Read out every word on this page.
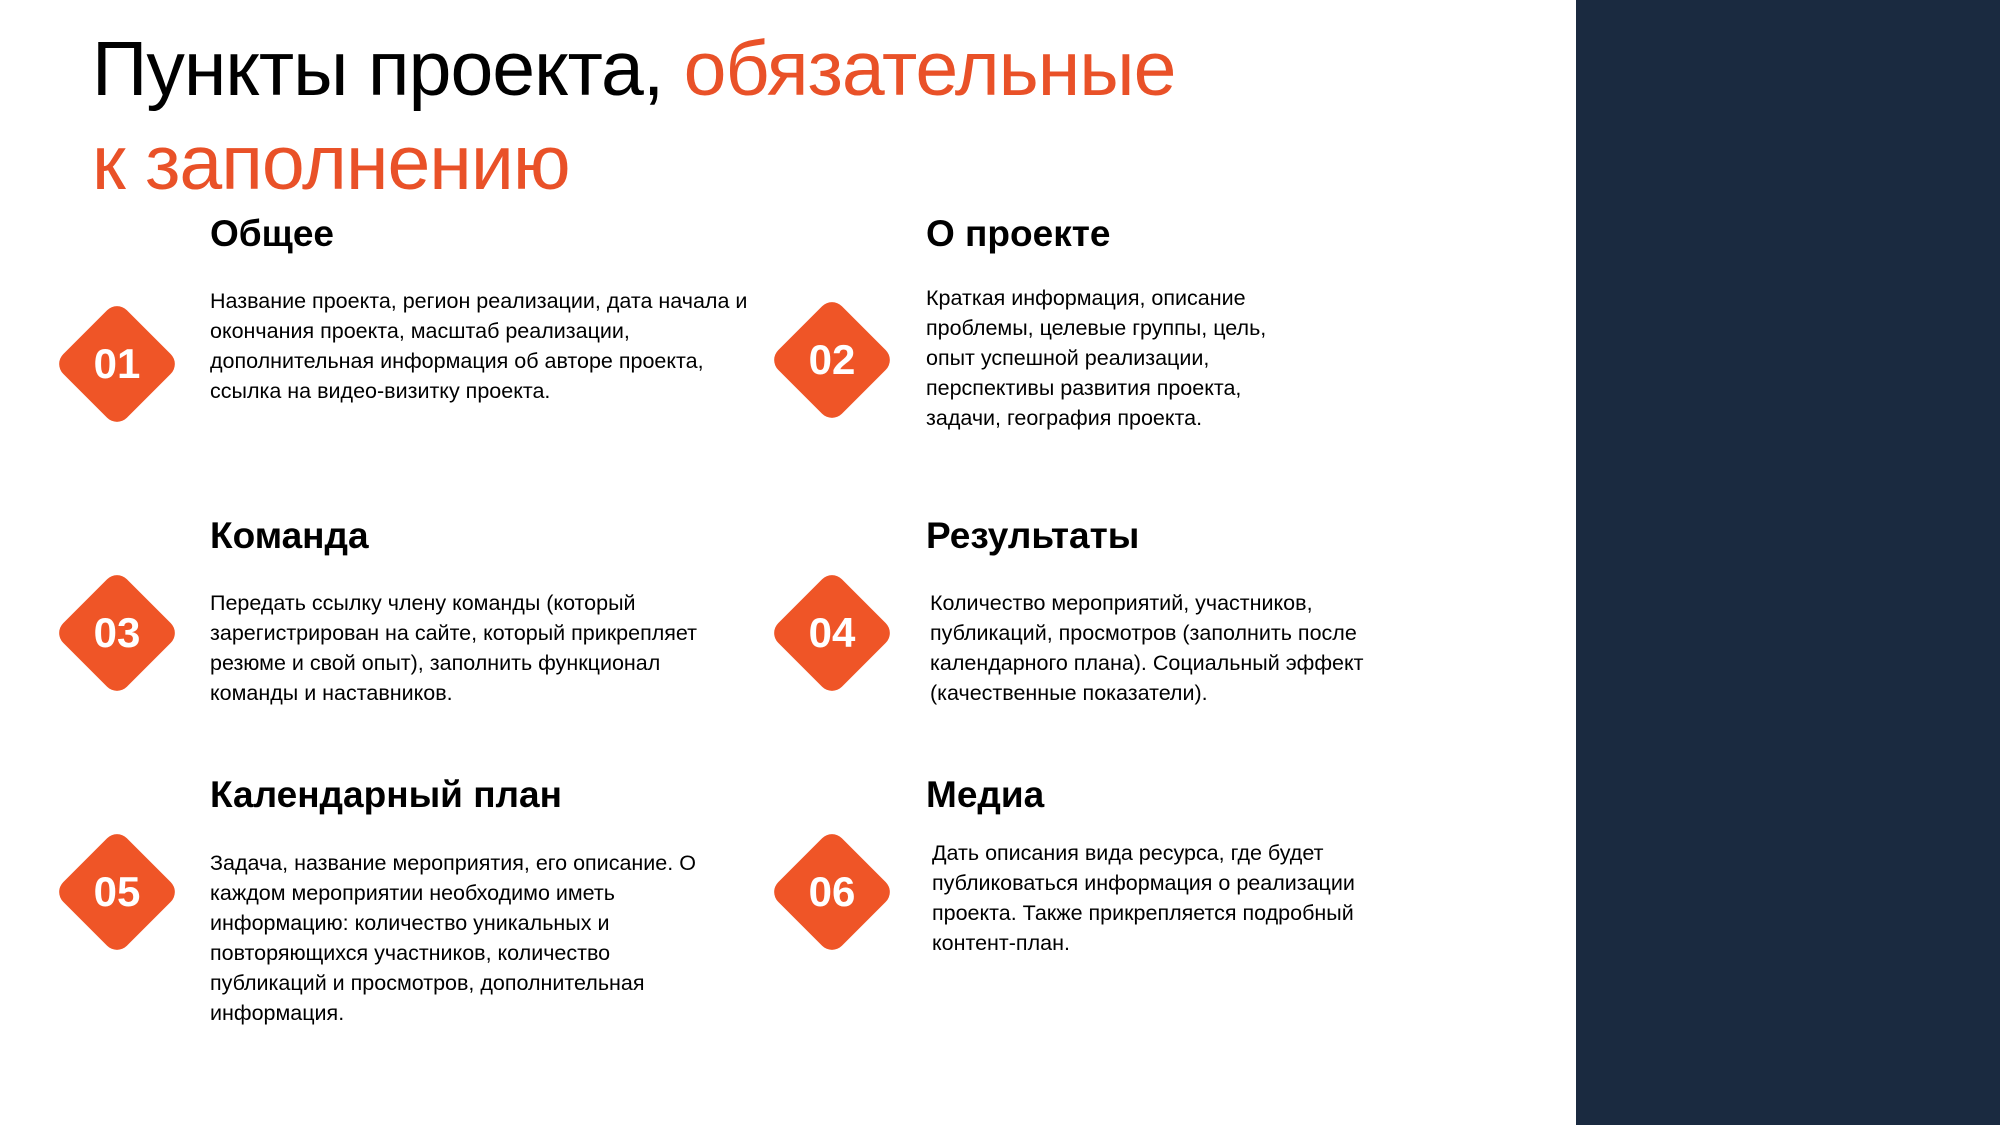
Пункты проекта, обязательные
к заполнению
01
Общее

Название проекта, регион реализации, дата начала и окончания проекта, масштаб реализации, дополнительная информация об авторе проекта, ссылка на видео-визитку проекта.

02
О проекте

Краткая информация, описание проблемы, целевые группы, цель, опыт успешной реализации, перспективы развития проекта, задачи, география проекта.

03
Команда

Передать ссылку члену команды (который зарегистрирован на сайте, который прикрепляет резюме и свой опыт), заполнить функционал команды и наставников.

04
Результаты

Количество мероприятий, участников, публикаций, просмотров (заполнить после календарного плана). Социальный эффект (качественные показатели).

05
Календарный план

Задача, название мероприятия, его описание. О каждом мероприятии необходимо иметь информацию: количество уникальных и повторяющихся участников, количество публикаций и просмотров, дополнительная информация.

06
Медиа

Дать описания вида ресурса, где будет публиковаться информация о реализации проекта. Также прикрепляется подробный контент-план.
